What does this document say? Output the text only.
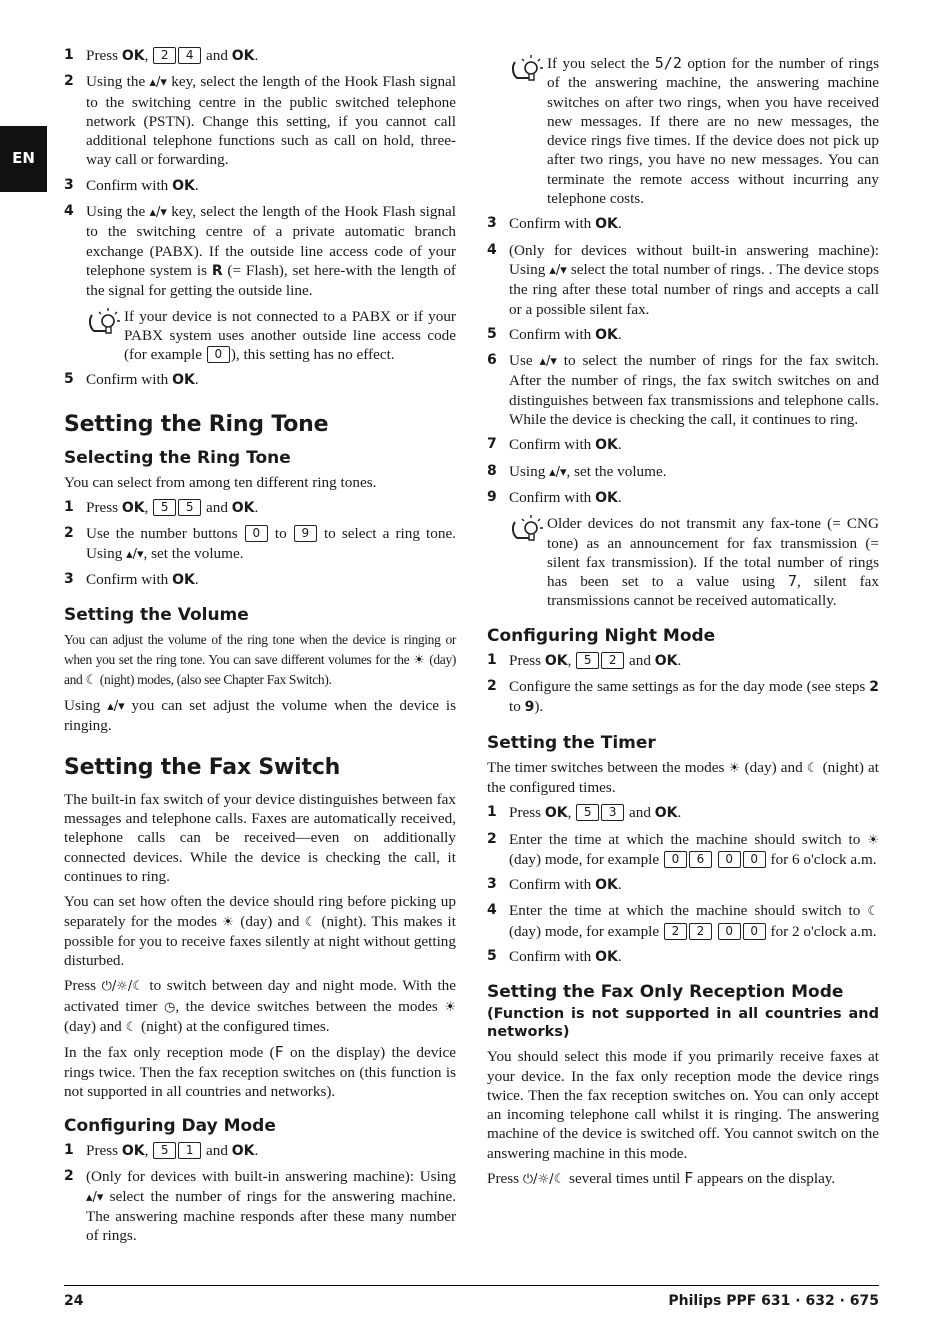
EN
1 Press OK, 2 4 and OK.
2 Using the ▴/▾ key, select the length of the Hook Flash signal to the switching centre in the public switched telephone network (PSTN). Change this setting, if you cannot call additional telephone functions such as call on hold, three-way call or forwarding.
3 Confirm with OK.
4 Using the ▴/▾ key, select the length of the Hook Flash signal to the switching centre of a private automatic branch exchange (PABX). If the outside line access code of your telephone system is R (= Flash), set here-with the length of the signal for getting the outside line.
If your device is not connected to a PABX or if your PABX system uses another outside line access code (for example 0 ), this setting has no effect.
5 Confirm with OK.
Setting the Ring Tone
Selecting the Ring Tone

You can select from among ten different ring tones.

1 Press OK, 5 5 and OK.
2 Use the number buttons 0 to 9 to select a ring tone. Using ▴/▾, set the volume.
3 Confirm with OK.
Setting the Volume

You can adjust the volume of the ring tone when the device is ringing or when you set the ring tone. You can save different volumes for the ☀ (day) and ☾ (night) modes, (also see Chapter Fax Switch).

Using ▴/▾ you can set adjust the volume when the device is ringing.

Setting the Fax Switch

The built-in fax switch of your device distinguishes between fax messages and telephone calls. Faxes are automatically received, telephone calls can be received—even on additionally connected devices. While the device is checking the call, it continues to ring.

You can set how often the device should ring before picking up separately for the modes ☀ (day) and ☾ (night). This makes it possible for you to receive faxes silently at night without getting disturbed.

Press ⏻/☼/☾ to switch between day and night mode. With the activated timer ◷, the device switches between the modes ☀ (day) and ☾ (night) at the configured times.

In the fax only reception mode (F on the display) the device rings twice. Then the fax reception switches on (this function is not supported in all countries and networks).

Configuring Day Mode
1 Press OK, 5 1 and OK.
2 (Only for devices with built-in answering machine): Using ▴/▾ select the number of rings for the answering machine. The answering machine responds after these many number of rings.
If you select the 5/2 option for the number of rings of the answering machine, the answering machine switches on after two rings, when you have received new messages. If there are no new messages, the device rings five times. If the device does not pick up after two rings, you have no new messages. You can terminate the remote access without incurring any telephone costs.
3 Confirm with OK.
4 (Only for devices without built-in answering machine): Using ▴/▾ select the total number of rings. . The device stops the ring after these total number of rings and accepts a call or a possible silent fax.
5 Confirm with OK.
6 Use ▴/▾ to select the number of rings for the fax switch. After the number of rings, the fax switch switches on and distinguishes between fax transmissions and telephone calls. While the device is checking the call, it continues to ring.
7 Confirm with OK.
8 Using ▴/▾, set the volume.
9 Confirm with OK.
Older devices do not transmit any fax-tone (= CNG tone) as an announcement for fax transmission (= silent fax transmission). If the total number of rings has been set to a value using 7, silent fax transmissions cannot be received automatically.
Configuring Night Mode
1 Press OK, 5 2 and OK.
2 Configure the same settings as for the day mode (see steps 2 to 9).
Setting the Timer

The timer switches between the modes ☀ (day) and ☾ (night) at the configured times.

1 Press OK, 5 3 and OK.
2 Enter the time at which the machine should switch to ☀ (day) mode, for example 0 6 0 0 for 6 o'clock a.m.
3 Confirm with OK.
4 Enter the time at which the machine should switch to ☾ (day) mode, for example 2 2 0 0 for 2 o'clock a.m.
5 Confirm with OK.
Setting the Fax Only Reception Mode
(Function is not supported in all countries and networks)

You should select this mode if you primarily receive faxes at your device. In the fax only reception mode the device rings twice. Then the fax reception switches on. You can only accept an incoming telephone call whilst it is ringing. The answering machine of the device is switched off. You cannot switch on the answering machine in this mode.

Press ⏻/☼/☾ several times until F appears on the display.

24	Philips PPF 631 · 632 · 675
